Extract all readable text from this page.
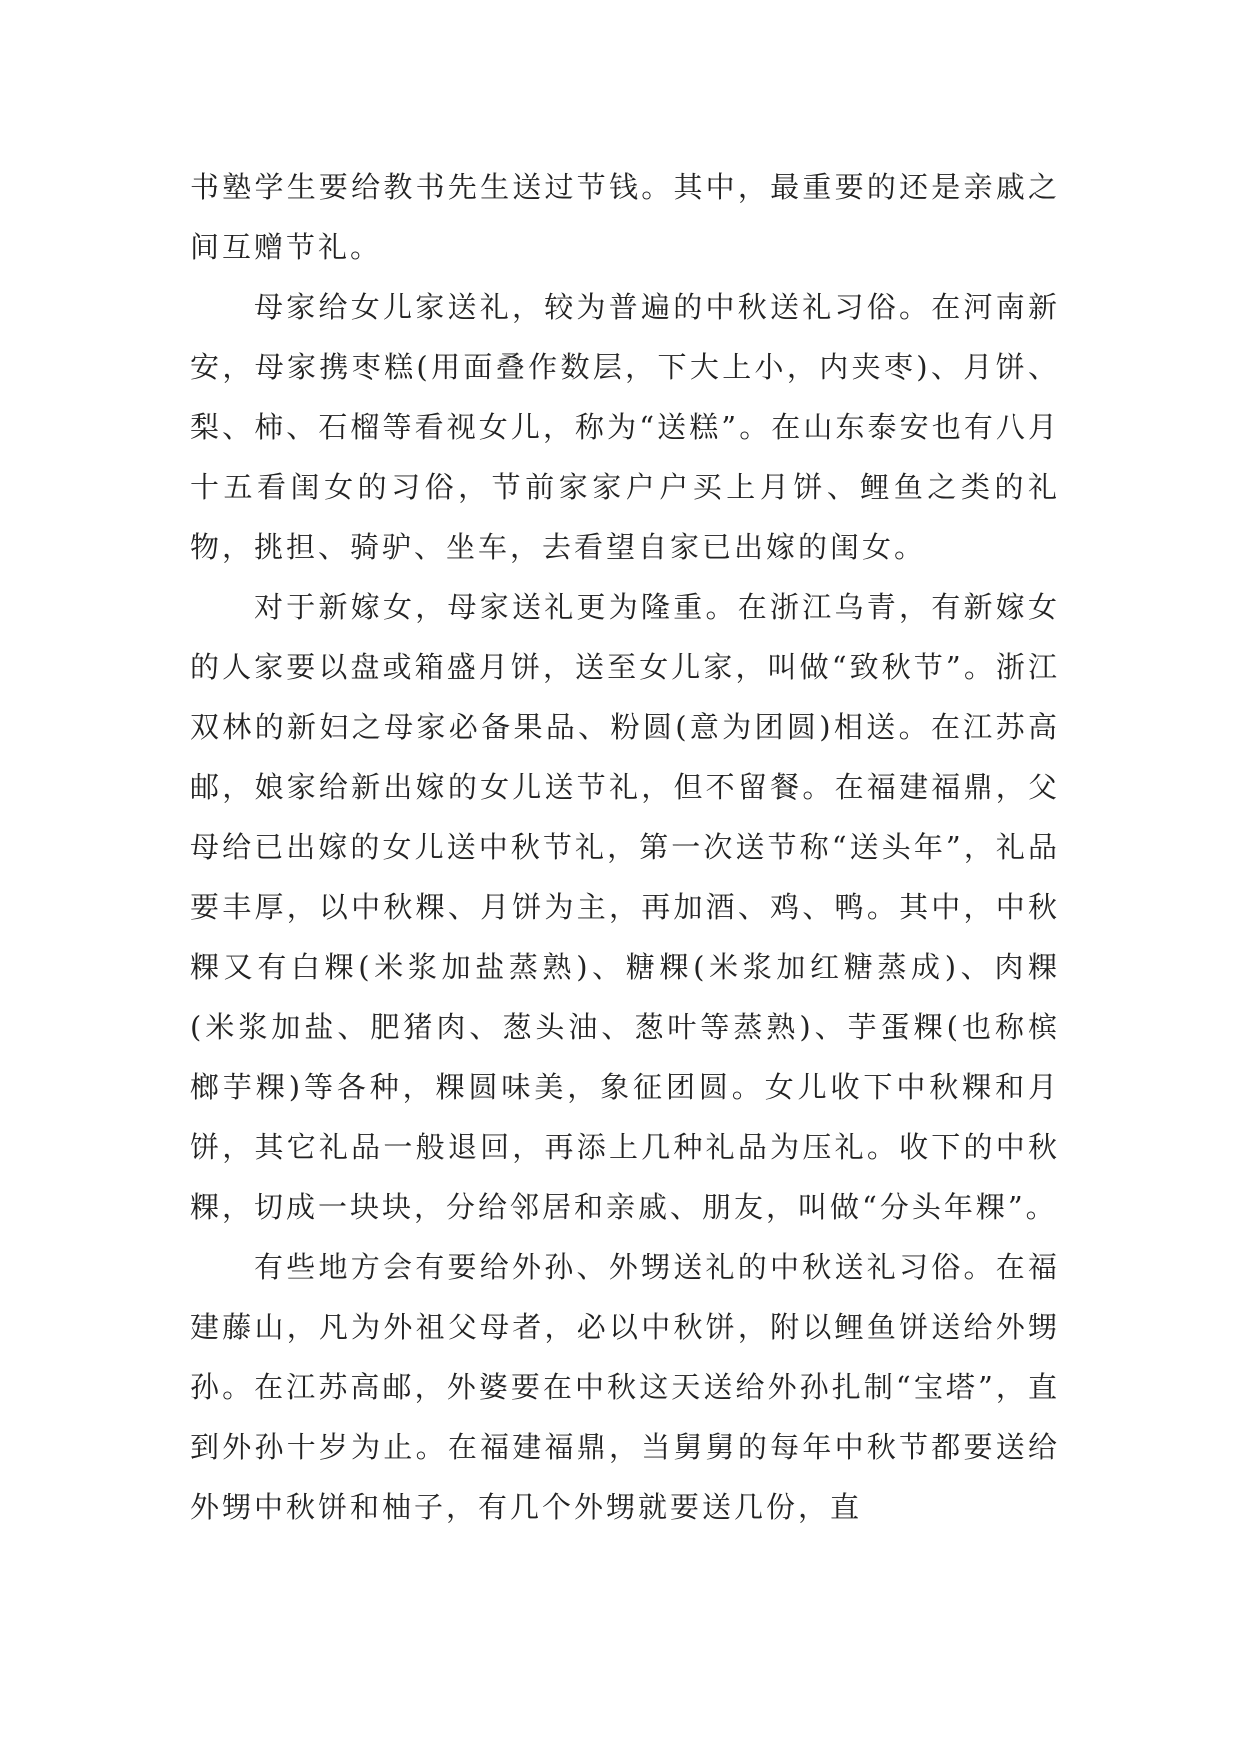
书塾学生要给教书先生送过节钱。其中，最重要的还是亲戚之间互赠节礼。

母家给女儿家送礼，较为普遍的中秋送礼习俗。在河南新安，母家携枣糕(用面叠作数层，下大上小，内夹枣)、月饼、梨、柿、石榴等看视女儿，称为“送糕”。在山东泰安也有八月十五看闺女的习俗，节前家家户户买上月饼、鲤鱼之类的礼物，挑担、骑驴、坐车，去看望自家已出嫁的闺女。

对于新嫁女，母家送礼更为隆重。在浙江乌青，有新嫁女的人家要以盘或箱盛月饼，送至女儿家，叫做“致秋节”。浙江双林的新妇之母家必备果品、粉圆(意为团圆)相送。在江苏高邮，娘家给新出嫁的女儿送节礼，但不留餐。在福建福鼎，父母给已出嫁的女儿送中秋节礼，第一次送节称“送头年”，礼品要丰厚，以中秋粿、月饼为主，再加酒、鸡、鸭。其中，中秋粿又有白粿(米浆加盐蒸熟)、糖粿(米浆加红糖蒸成)、肉粿(米浆加盐、肥猪肉、葱头油、葱叶等蒸熟)、芋蛋粿(也称槟榔芋粿)等各种，粿圆味美，象征团圆。女儿收下中秋粿和月饼，其它礼品一般退回，再添上几种礼品为压礼。收下的中秋粿，切成一块块，分给邻居和亲戚、朋友，叫做“分头年粿”。

有些地方会有要给外孙、外甥送礼的中秋送礼习俗。在福建藤山，凡为外祖父母者，必以中秋饼，附以鲤鱼饼送给外甥孙。在江苏高邮，外婆要在中秋这天送给外孙扎制“宝塔”，直到外孙十岁为止。在福建福鼎，当舅舅的每年中秋节都要送给外甥中秋饼和柚子，有几个外甥就要送几份，直
